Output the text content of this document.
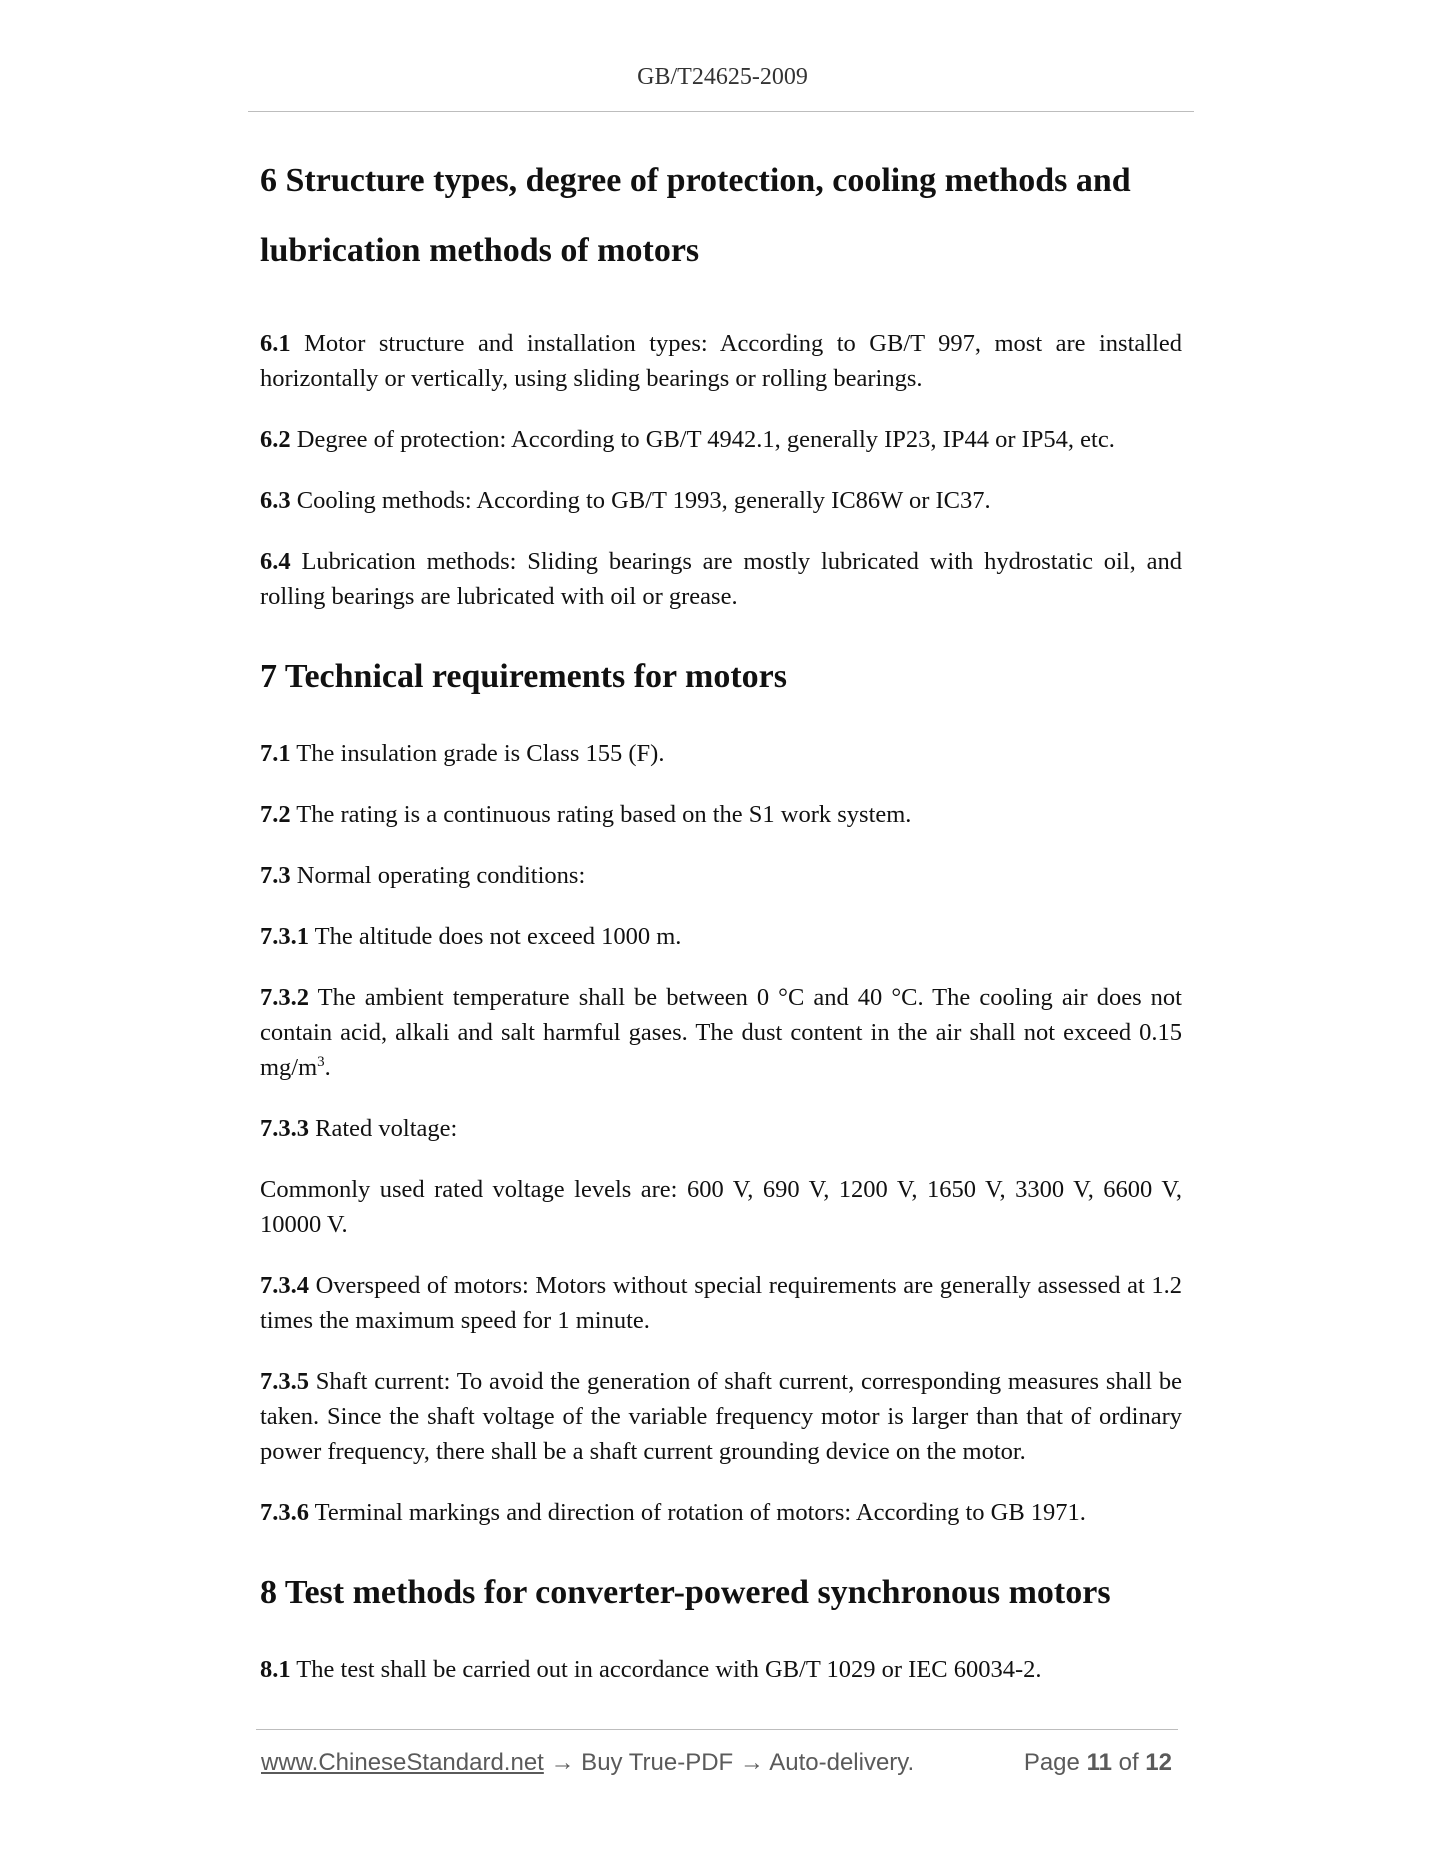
GB/T24625-2009
6 Structure types, degree of protection, cooling methods and
lubrication methods of motors

6.1 Motor structure and installation types: According to GB/T 997, most are installed horizontally or vertically, using sliding bearings or rolling bearings.

6.2 Degree of protection: According to GB/T 4942.1, generally IP23, IP44 or IP54, etc.

6.3 Cooling methods: According to GB/T 1993, generally IC86W or IC37.

6.4 Lubrication methods: Sliding bearings are mostly lubricated with hydrostatic oil, and rolling bearings are lubricated with oil or grease.

7 Technical requirements for motors

7.1 The insulation grade is Class 155 (F).

7.2 The rating is a continuous rating based on the S1 work system.

7.3 Normal operating conditions:

7.3.1 The altitude does not exceed 1000 m.

7.3.2 The ambient temperature shall be between 0 °C and 40 °C. The cooling air does not contain acid, alkali and salt harmful gases. The dust content in the air shall not exceed 0.15 $mg/m^3$.

7.3.3 Rated voltage:

Commonly used rated voltage levels are: 600 V, 690 V, 1200 V, 1650 V, 3300 V, 6600 V, 10000 V.

7.3.4 Overspeed of motors: Motors without special requirements are generally assessed at 1.2 times the maximum speed for 1 minute.

7.3.5 Shaft current: To avoid the generation of shaft current, corresponding measures shall be taken. Since the shaft voltage of the variable frequency motor is larger than that of ordinary power frequency, there shall be a shaft current grounding device on the motor.

7.3.6 Terminal markings and direction of rotation of motors: According to GB 1971.

8 Test methods for converter-powered synchronous motors

8.1 The test shall be carried out in accordance with GB/T 1029 or IEC 60034-2.

www.ChineseStandard.net → Buy True-PDF → Auto-delivery.	Page 11 of 12
